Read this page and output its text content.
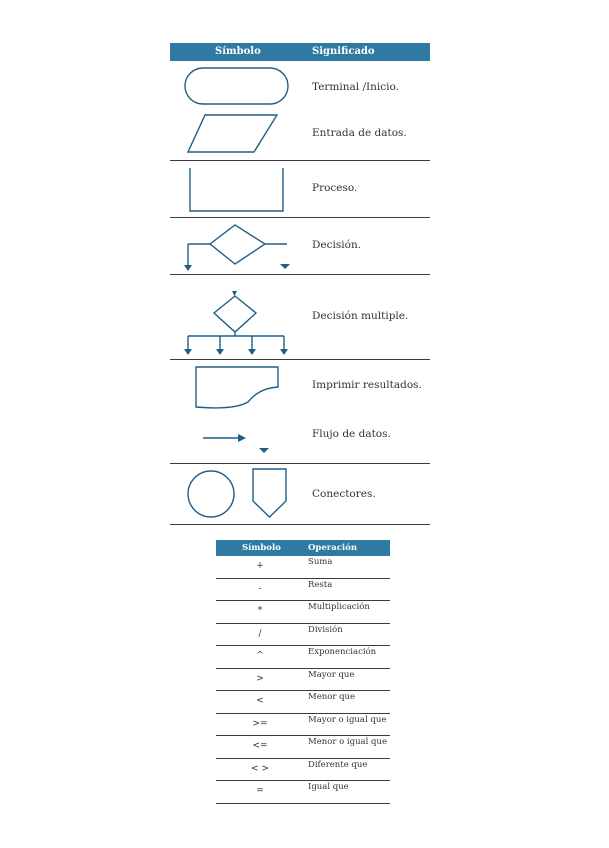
Símbolo	Significado
Terminal /Inicio.
Entrada de datos.
Proceso.
Decisión.
Decisión multiple.
Imprimir resultados.
Flujo de datos.
Conectores.
Símbolo	Operación
+	Suma
-	Resta
*	Multiplicación
/	División
^	Exponenciación
>	Mayor que
<	Menor que
>=	Mayor o igual que
<=	Menor o igual que
< >	Diferente que
=	Igual que
